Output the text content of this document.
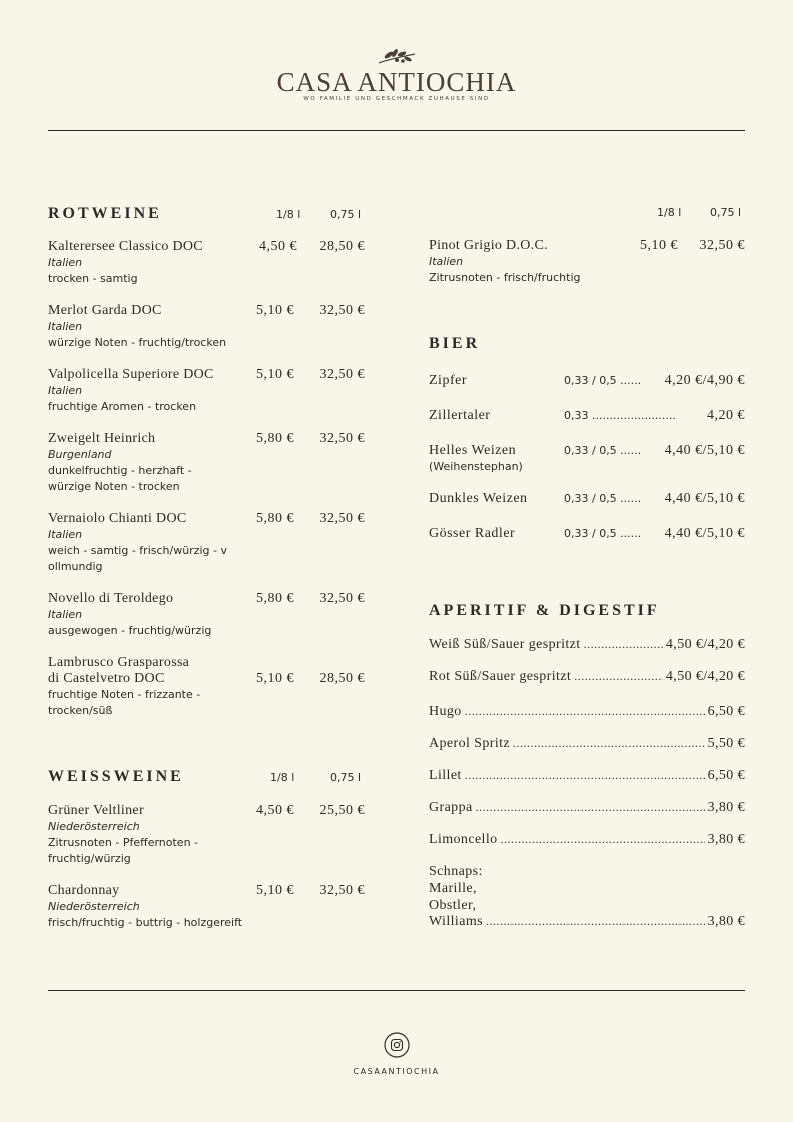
CASA ANTIOCHIA
WO FAMILIE UND GESCHMACK ZUHAUSE SIND
ROTWEINE	1/8 l	0,75 l
Kalterersee Classico DOC
Italien
trocken - samtig
4,50 € 28,50 €
Merlot Garda DOC
Italien
würzige Noten - fruchtig/trocken
5,10 € 32,50 €
Valpolicella Superiore DOC
Italien
fruchtige Aromen - trocken
5,10 € 32,50 €
Zweigelt Heinrich
Burgenland
dunkelfruchtig - herzhaft -
würzige Noten - trocken
5,80 € 32,50 €
Vernaiolo Chianti DOC
Italien
weich - samtig - frisch/würzig - v
ollmundig
5,80 € 32,50 €
Novello di Teroldego
Italien
ausgewogen - fruchtig/würzig
5,80 € 32,50 €
Lambrusco Grasparossa
di Castelvetro DOC
fruchtige Noten - frizzante -
trocken/süß
5,10 € 28,50 €
WEISSWEINE	1/8 l	0,75 l
Grüner Veltliner
Niederösterreich
Zitrusnoten - Pfeffernoten -
fruchtig/würzig
4,50 € 25,50 €
Chardonnay
Niederösterreich
frisch/fruchtig - buttrig - holzgereift
5,10 € 32,50 €
1/8 l	0,75 l
Pinot Grigio D.O.C.
Italien
Zitrusnoten - frisch/fruchtig
5,10 € 32,50 €
BIER
Zipfer	0,33 / 0,5 ...... 4,20 €/4,90 €
Zillertaler	0,33 ........................ 4,20 €
Helles Weizen
(Weihenstephan)
0,33 / 0,5 ...... 4,40 €/5,10 €
Dunkles Weizen	0,33 / 0,5 ...... 4,40 €/5,10 €
Gösser Radler	0,33 / 0,5 ...... 4,40 €/5,10 €
APERITIF & DIGESTIF
Weiß Süß/Sauer gespritzt .....	4,50 €/4,20 €
Rot Süß/Sauer gespritzt .....	4,50 €/4,20 €
Hugo .....	6,50 €
Aperol Spritz .....	5,50 €
Lillet .....	6,50 €
Grappa .....	3,80 €
Limoncello .....	3,80 €
Schnaps:
Marille,
Obstler,
Williams .....	3,80 €
CASAANTIOCHIA
